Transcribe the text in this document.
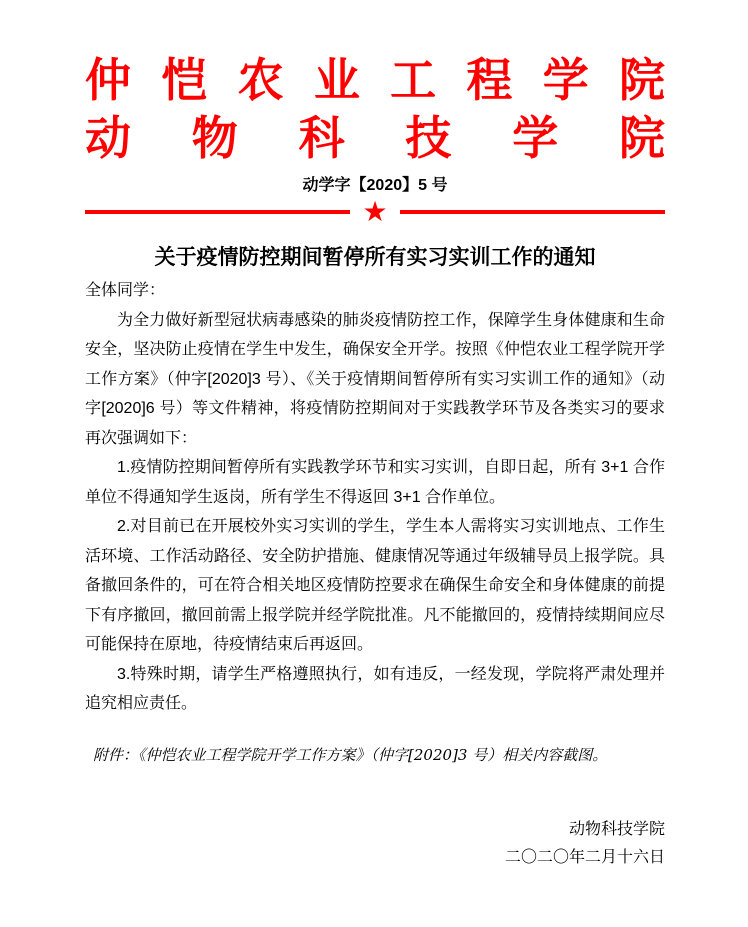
仲 恺 农 业 工 程 学 院
动 物 科 技 学 院
动学字【2020】5 号
★
关于疫情防控期间暂停所有实习实训工作的通知
全体同学：

为全力做好新型冠状病毒感染的肺炎疫情防控工作，保障学生身体健康和生命安全，坚决防止疫情在学生中发生，确保安全开学。按照《仲恺农业工程学院开学工作方案》（仲字[2020]3 号）、《关于疫情期间暂停所有实习实训工作的通知》（动字[2020]6 号）等文件精神，将疫情防控期间对于实践教学环节及各类实习的要求再次强调如下：

1.疫情防控期间暂停所有实践教学环节和实习实训，自即日起，所有 3+1 合作单位不得通知学生返岗，所有学生不得返回 3+1 合作单位。

2.对目前已在开展校外实习实训的学生，学生本人需将实习实训地点、工作生活环境、工作活动路径、安全防护措施、健康情况等通过年级辅导员上报学院。具备撤回条件的，可在符合相关地区疫情防控要求在确保生命安全和身体健康的前提下有序撤回，撤回前需上报学院并经学院批准。凡不能撤回的，疫情持续期间应尽可能保持在原地，待疫情结束后再返回。

3.特殊时期，请学生严格遵照执行，如有违反，一经发现，学院将严肃处理并追究相应责任。

附件：《仲恺农业工程学院开学工作方案》（仲字[2020]3 号）相关内容截图。
动物科技学院
二〇二〇年二月十六日
